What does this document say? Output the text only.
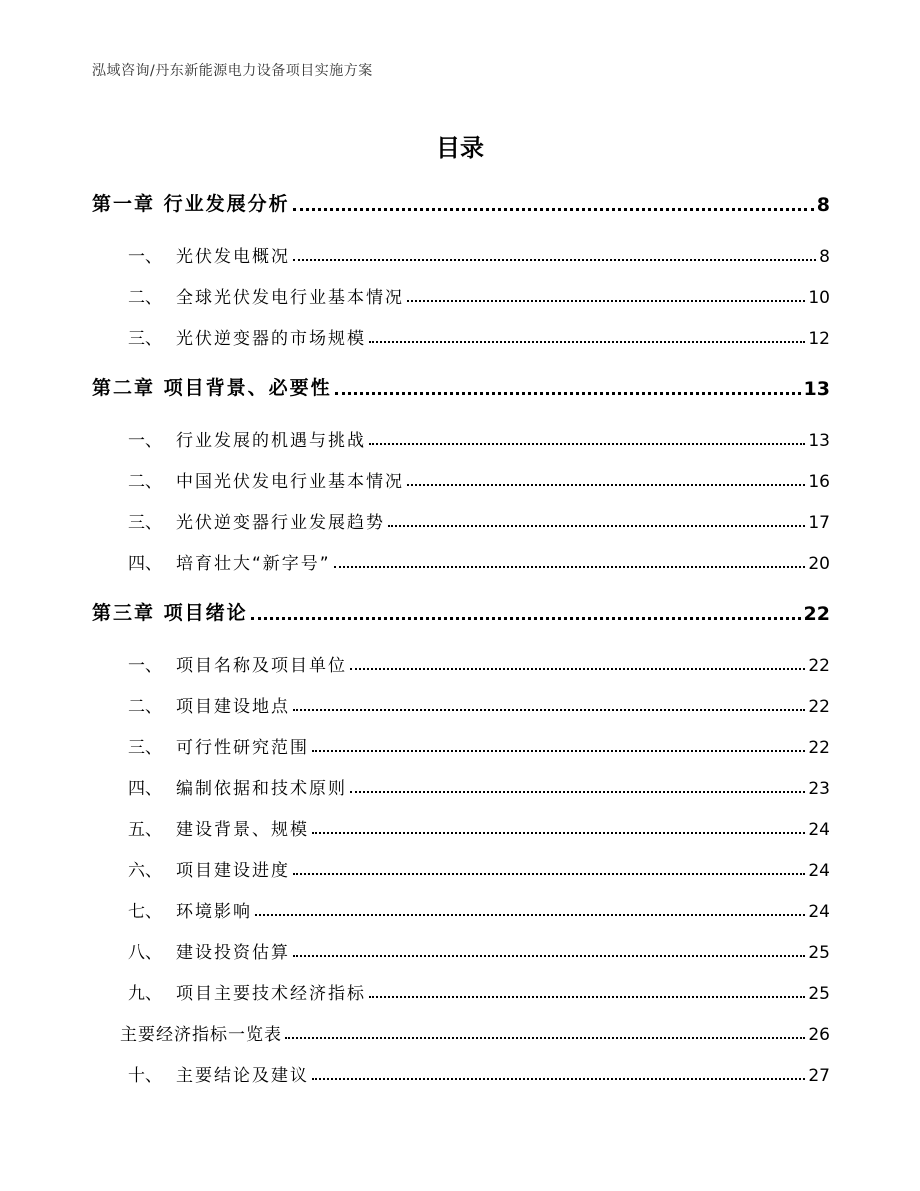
泓域咨询/丹东新能源电力设备项目实施方案
目录
第一章 行业发展分析	8
一、 光伏发电概况	8
二、 全球光伏发电行业基本情况	10
三、 光伏逆变器的市场规模	12
第二章 项目背景、必要性	13
一、 行业发展的机遇与挑战	13
二、 中国光伏发电行业基本情况	16
三、 光伏逆变器行业发展趋势	17
四、 培育壮大“新字号”	20
第三章 项目绪论	22
一、 项目名称及项目单位	22
二、 项目建设地点	22
三、 可行性研究范围	22
四、 编制依据和技术原则	23
五、 建设背景、规模	24
六、 项目建设进度	24
七、 环境影响	24
八、 建设投资估算	25
九、 项目主要技术经济指标	25
主要经济指标一览表	26
十、 主要结论及建议	27
